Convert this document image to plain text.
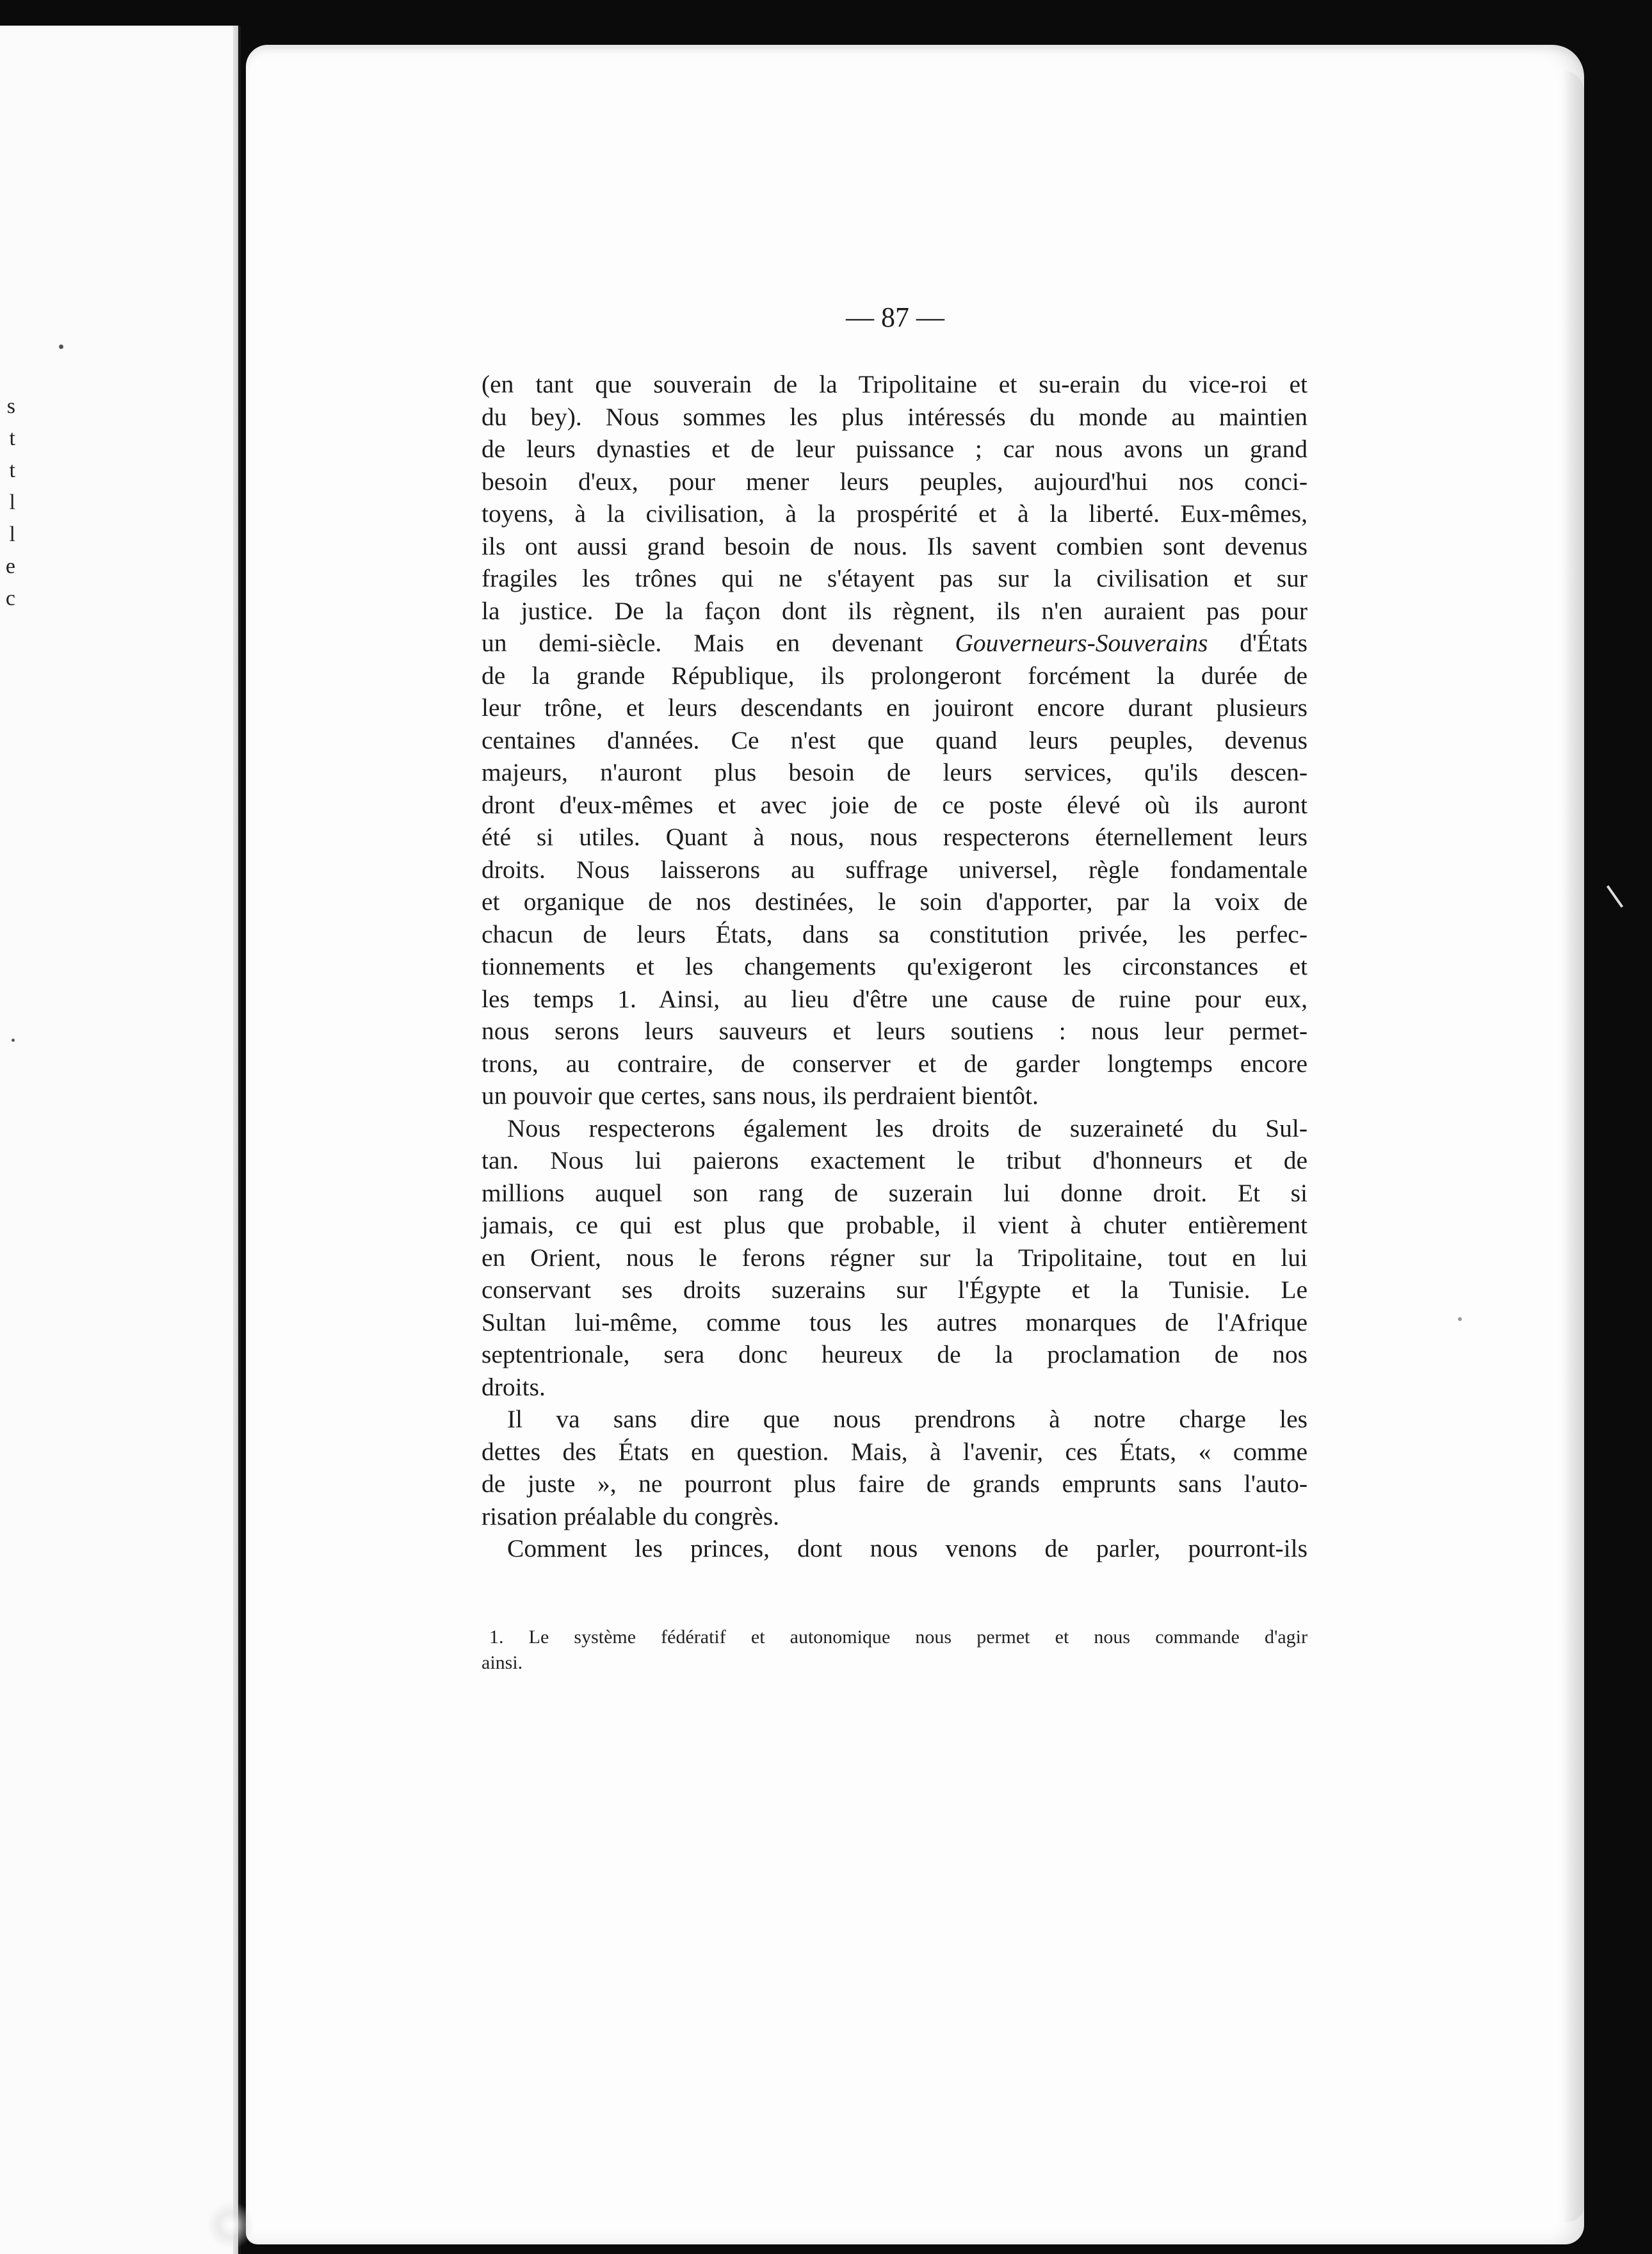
s
t
t
l
l
e
c
— 87 —
(en tant que souverain de la Tripolitaine et su‑erain du vice-roi et
du bey). Nous sommes les plus intéressés du monde au maintien
de leurs dynasties et de leur puissance ; car nous avons un grand
besoin d'eux, pour mener leurs peuples, aujourd'hui nos conci-
toyens, à la civilisation, à la prospérité et à la liberté. Eux-mêmes,
ils ont aussi grand besoin de nous. Ils savent combien sont devenus
fragiles les trônes qui ne s'étayent pas sur la civilisation et sur
la justice. De la façon dont ils règnent, ils n'en auraient pas pour
un demi-siècle. Mais en devenant Gouverneurs-Souverains d'États
de la grande République, ils prolongeront forcément la durée de
leur trône, et leurs descendants en jouiront encore durant plusieurs
centaines d'années. Ce n'est que quand leurs peuples, devenus
majeurs, n'auront plus besoin de leurs services, qu'ils descen-
dront d'eux-mêmes et avec joie de ce poste élevé où ils auront
été si utiles. Quant à nous, nous respecterons éternellement leurs
droits. Nous laisserons au suffrage universel, règle fondamentale
et organique de nos destinées, le soin d'apporter, par la voix de
chacun de leurs États, dans sa constitution privée, les perfec-
tionnements et les changements qu'exigeront les circonstances et
les temps 1. Ainsi, au lieu d'être une cause de ruine pour eux,
nous serons leurs sauveurs et leurs soutiens : nous leur permet-
trons, au contraire, de conserver et de garder longtemps encore
un pouvoir que certes, sans nous, ils perdraient bientôt.
Nous respecterons également les droits de suzeraineté du Sul-
tan. Nous lui paierons exactement le tribut d'honneurs et de
millions auquel son rang de suzerain lui donne droit. Et si
jamais, ce qui est plus que probable, il vient à chuter entièrement
en Orient, nous le ferons régner sur la Tripolitaine, tout en lui
conservant ses droits suzerains sur l'Égypte et la Tunisie. Le
Sultan lui-même, comme tous les autres monarques de l'Afrique
septentrionale, sera donc heureux de la proclamation de nos
droits.
Il va sans dire que nous prendrons à notre charge les
dettes des États en question. Mais, à l'avenir, ces États, « comme
de juste », ne pourront plus faire de grands emprunts sans l'auto-
risation préalable du congrès.
Comment les princes, dont nous venons de parler, pourront-ils
1. Le système fédératif et autonomique nous permet et nous commande d'agir
ainsi.
